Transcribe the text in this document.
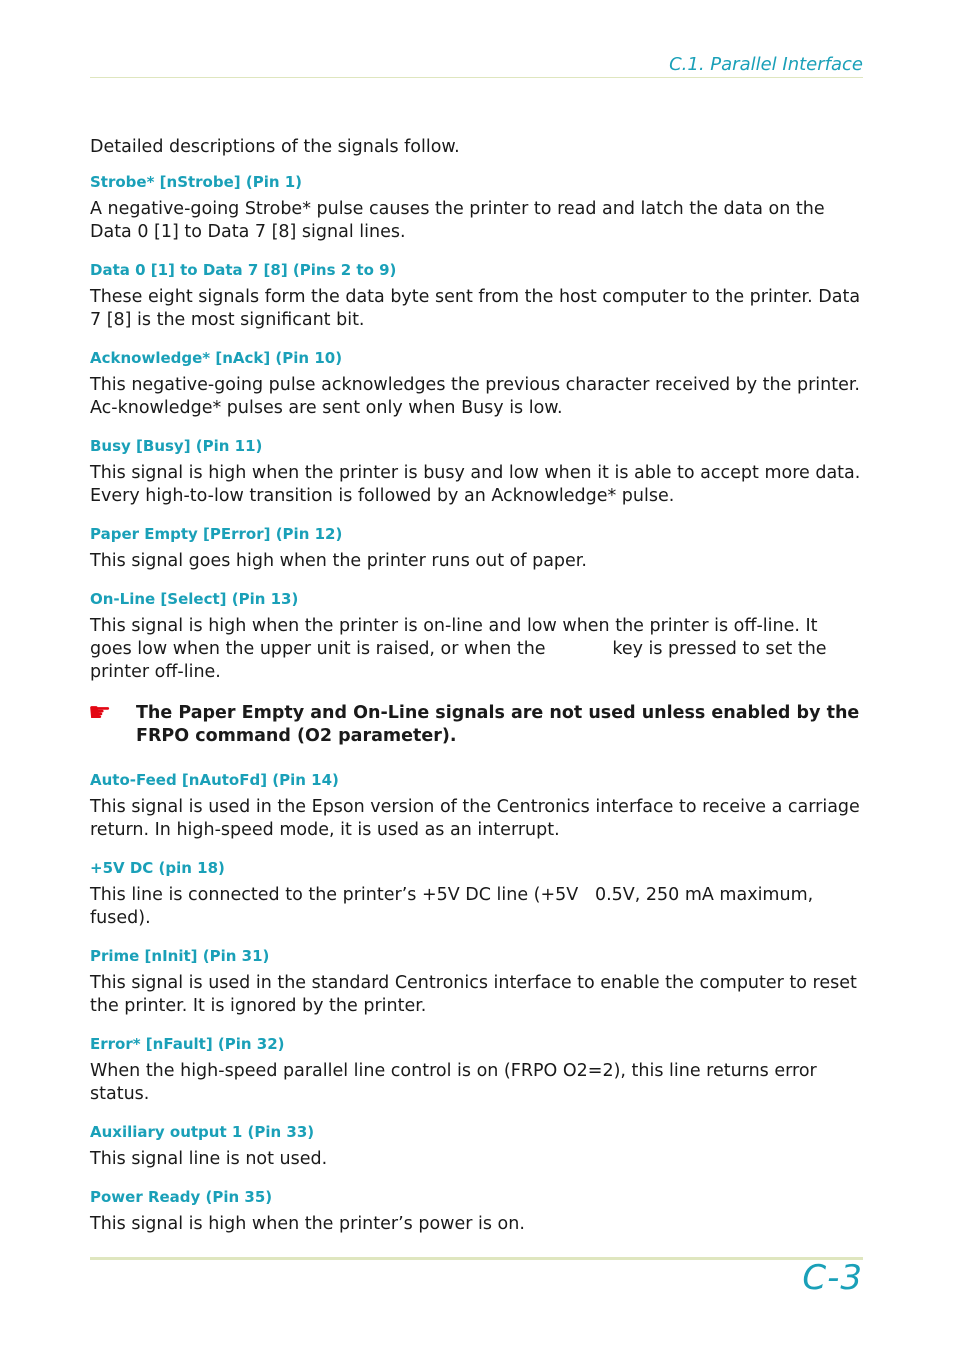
C.1. Parallel Interface

Detailed descriptions of the signals follow.

Strobe* [nStrobe] (Pin 1)

A negative-going Strobe* pulse causes the printer to read and latch the data on the Data 0 [1] to Data 7 [8] signal lines.

Data 0 [1] to Data 7 [8] (Pins 2 to 9)

These eight signals form the data byte sent from the host computer to the printer. Data 7 [8] is the most significant bit.

Acknowledge* [nAck] (Pin 10)

This negative-going pulse acknowledges the previous character received by the printer. Ac-knowledge* pulses are sent only when Busy is low.

Busy [Busy] (Pin 11)

This signal is high when the printer is busy and low when it is able to accept more data. Every high-to-low transition is followed by an Acknowledge* pulse.

Paper Empty [PError] (Pin 12)

This signal goes high when the printer runs out of paper.

On-Line [Select] (Pin 13)

This signal is high when the printer is on-line and low when the printer is off-line. It goes low when the upper unit is raised, or when the            key is pressed to set the printer off-line.

☛ The Paper Empty and On-Line signals are not used unless enabled by the FRPO command (O2 parameter).

Auto-Feed [nAutoFd] (Pin 14)

This signal is used in the Epson version of the Centronics interface to receive a carriage return. In high-speed mode, it is used as an interrupt.

+5V DC (pin 18)

This line is connected to the printer’s +5V DC line (+5V   0.5V, 250 mA maximum, fused).

Prime [nInit] (Pin 31)

This signal is used in the standard Centronics interface to enable the computer to reset the printer. It is ignored by the printer.

Error* [nFault] (Pin 32)

When the high-speed parallel line control is on (FRPO O2=2), this line returns error status.

Auxiliary output 1 (Pin 33)

This signal line is not used.

Power Ready (Pin 35)

This signal is high when the printer’s power is on.

C-3
